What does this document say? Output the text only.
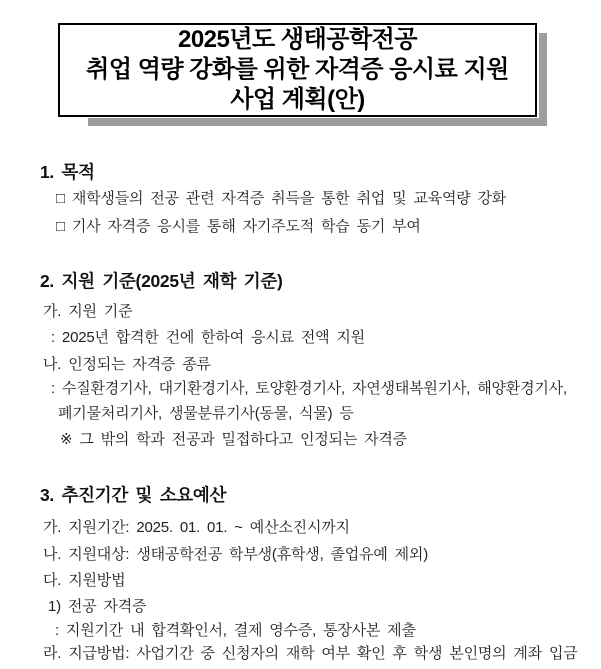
2025년도 생태공학전공
취업 역량 강화를 위한 자격증 응시료 지원
사업 계획(안)
1. 목적
□ 재학생들의 전공 관련 자격증 취득을 통한 취업 및 교육역량 강화
□ 기사 자격증 응시를 통해 자기주도적 학습 동기 부여
2. 지원 기준(2025년 재학 기준)
가. 지원 기준
: 2025년 합격한 건에 한하여 응시료 전액 지원
나. 인정되는 자격증 종류
: 수질환경기사, 대기환경기사, 토양환경기사, 자연생태복원기사, 해양환경기사,
폐기물처리기사, 생물분류기사(동물, 식물) 등
※ 그 밖의 학과 전공과 밀접하다고 인정되는 자격증
3. 추진기간 및 소요예산
가. 지원기간: 2025. 01. 01. ~ 예산소진시까지
나. 지원대상: 생태공학전공 학부생(휴학생, 졸업유예 제외)
다. 지원방법
1) 전공 자격증
: 지원기간 내 합격확인서, 결제 영수증, 통장사본 제출
라. 지급방법: 사업기간 중 신청자의 재학 여부 확인 후 학생 본인명의 계좌 입금
